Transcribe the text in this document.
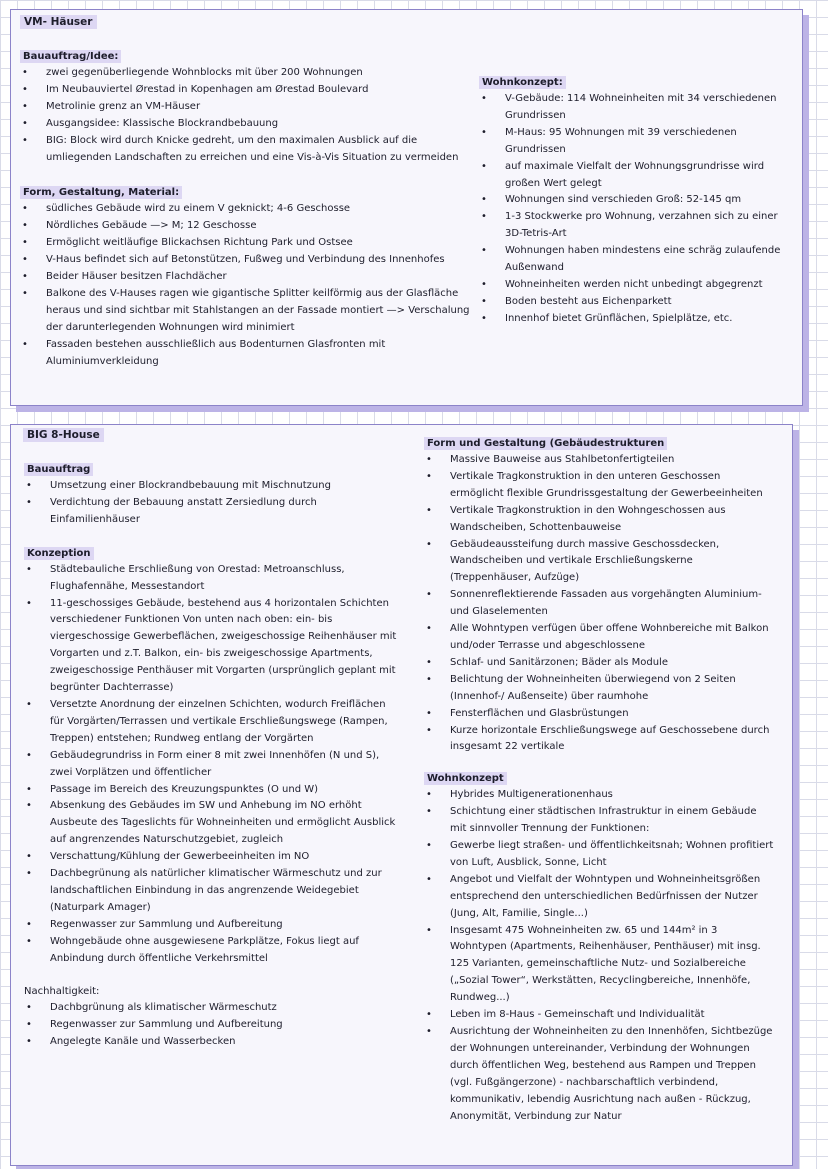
VM- Häuser
Bauauftrag/Idee:
• zwei gegenüberliegende Wohnblocks mit über 200 Wohnungen
• Im Neubauviertel Ørestad in Kopenhagen am Ørestad Boulevard
• Metrolinie grenz an VM-Häuser
• Ausgangsidee: Klassische Blockrandbebauung
• BIG: Block wird durch Knicke gedreht, um den maximalen Ausblick auf die umliegenden Landschaften zu erreichen und eine Vis-à-Vis Situation zu vermeiden
Form, Gestaltung, Material:
• südliches Gebäude wird zu einem V geknickt; 4-6 Geschosse
• Nördliches Gebäude —> M; 12 Geschosse
• Ermöglicht weitläufige Blickachsen Richtung Park und Ostsee
• V-Haus befindet sich auf Betonstützen, Fußweg und Verbindung des Innenhofes
• Beider Häuser besitzen Flachdächer
• Balkone des V-Hauses ragen wie gigantische Splitter keilförmig aus der Glasfläche heraus und sind sichtbar mit Stahlstangen an der Fassade montiert —> Verschalung der darunterlegenden Wohnungen wird minimiert
• Fassaden bestehen ausschließlich aus Bodenturnen Glasfronten mit Aluminiumverkleidung
Wohnkonzept:
• V-Gebäude: 114 Wohneinheiten mit 34 verschiedenen Grundrissen
• M-Haus: 95 Wohnungen mit 39 verschiedenen Grundrissen
• auf maximale Vielfalt der Wohnungsgrundrisse wird großen Wert gelegt
• Wohnungen sind verschieden Groß: 52-145 qm
• 1-3 Stockwerke pro Wohnung, verzahnen sich zu einer 3D-Tetris-Art
• Wohnungen haben mindestens eine schräg zulaufende Außenwand
• Wohneinheiten werden nicht unbedingt abgegrenzt
• Boden besteht aus Eichenparkett
• Innenhof bietet Grünflächen, Spielplätze, etc.
BIG 8-House
Bauauftrag
• Umsetzung einer Blockrandbebauung mit Mischnutzung
• Verdichtung der Bebauung anstatt Zersiedlung durch Einfamilienhäuser
Konzeption
• Städtebauliche Erschließung von Orestad: Metroanschluss, Flughafennähe, Messestandort
• 11-geschossiges Gebäude, bestehend aus 4 horizontalen Schichten verschiedener Funktionen Von unten nach oben: ein- bis viergeschossige Gewerbeflächen, zweigeschossige Reihenhäuser mit Vorgarten und z.T. Balkon, ein- bis zweigeschossige Apartments, zweigeschossige Penthäuser mit Vorgarten (ursprünglich geplant mit begrünter Dachterrasse)
• Versetzte Anordnung der einzelnen Schichten, wodurch Freiflächen für Vorgärten/Terrassen und vertikale Erschließungswege (Rampen, Treppen) entstehen; Rundweg entlang der Vorgärten
• Gebäudegrundriss in Form einer 8 mit zwei Innenhöfen (N und S), zwei Vorplätzen und öffentlicher
• Passage im Bereich des Kreuzungspunktes (O und W)
• Absenkung des Gebäudes im SW und Anhebung im NO erhöht Ausbeute des Tageslichts für Wohneinheiten und ermöglicht Ausblick auf angrenzendes Naturschutzgebiet, zugleich
• Verschattung/Kühlung der Gewerbeeinheiten im NO
• Dachbegrünung als natürlicher klimatischer Wärmeschutz und zur landschaftlichen Einbindung in das angrenzende Weidegebiet (Naturpark Amager)
• Regenwasser zur Sammlung und Aufbereitung
• Wohngebäude ohne ausgewiesene Parkplätze, Fokus liegt auf Anbindung durch öffentliche Verkehrsmittel
Nachhaltigkeit:
• Dachbgrünung als klimatischer Wärmeschutz
• Regenwasser zur Sammlung und Aufbereitung
• Angelegte Kanäle und Wasserbecken
Form und Gestaltung (Gebäudestrukturen
• Massive Bauweise aus Stahlbetonfertigteilen
• Vertikale Tragkonstruktion in den unteren Geschossen ermöglicht flexible Grundrissgestaltung der Gewerbeeinheiten
• Vertikale Tragkonstruktion in den Wohngeschossen aus Wandscheiben, Schottenbauweise
• Gebäudeaussteifung durch massive Geschossdecken, Wandscheiben und vertikale Erschließungskerne (Treppenhäuser, Aufzüge)
• Sonnenreflektierende Fassaden aus vorgehängten Aluminium- und Glaselementen
• Alle Wohntypen verfügen über offene Wohnbereiche mit Balkon und/oder Terrasse und abgeschlossene
• Schlaf- und Sanitärzonen; Bäder als Module
• Belichtung der Wohneinheiten überwiegend von 2 Seiten (Innenhof-/ Außenseite) über raumhohe
• Fensterflächen und Glasbrüstungen
• Kurze horizontale Erschließungswege auf Geschossebene durch insgesamt 22 vertikale
Wohnkonzept
• Hybrides Multigenerationenhaus
• Schichtung einer städtischen Infrastruktur in einem Gebäude mit sinnvoller Trennung der Funktionen:
• Gewerbe liegt straßen- und öffentlichkeitsnah; Wohnen profitiert von Luft, Ausblick, Sonne, Licht
• Angebot und Vielfalt der Wohntypen und Wohneinheitsgrößen entsprechend den unterschiedlichen Bedürfnissen der Nutzer (Jung, Alt, Familie, Single...)
• Insgesamt 475 Wohneinheiten zw. 65 und 144m² in 3 Wohntypen (Apartments, Reihenhäuser, Penthäuser) mit insg. 125 Varianten, gemeinschaftliche Nutz- und Sozialbereiche („Sozial Tower“, Werkstätten, Recyclingbereiche, Innenhöfe, Rundweg...)
• Leben im 8-Haus - Gemeinschaft und Individualität
• Ausrichtung der Wohneinheiten zu den Innenhöfen, Sichtbezüge der Wohnungen untereinander, Verbindung der Wohnungen durch öffentlichen Weg, bestehend aus Rampen und Treppen (vgl. Fußgängerzone) - nachbarschaftlich verbindend, kommunikativ, lebendig Ausrichtung nach außen - Rückzug, Anonymität, Verbindung zur Natur
